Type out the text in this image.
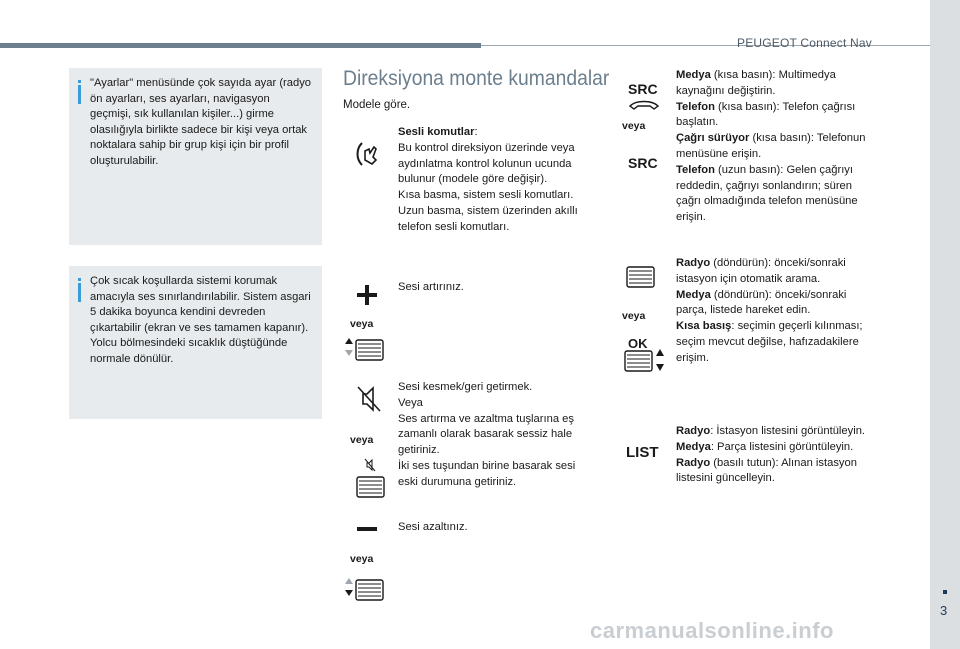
PEUGEOT Connect Nav
3
carmanualsonline.info
"Ayarlar" menüsünde çok sayıda ayar (radyo ön ayarları, ses ayarları, navigasyon geçmişi, sık kullanılan kişiler...) girme olasılığıyla birlikte sadece bir kişi veya ortak noktalara sahip bir grup kişi için bir profil oluşturulabilir.
Çok sıcak koşullarda sistemi korumak amacıyla ses sınırlandırılabilir. Sistem asgari 5 dakika boyunca kendini devreden çıkartabilir (ekran ve ses tamamen kapanır).
Yolcu bölmesindeki sıcaklık düştüğünde normale dönülür.
Direksiyona monte kumandalar
Modele göre.
veya
veya
veya
Sesli komutlar:
Bu kontrol direksiyon üzerinde veya aydınlatma kontrol kolunun ucunda bulunur (modele göre değişir).
Kısa basma, sistem sesli komutları.
Uzun basma, sistem üzerinden akıllı telefon sesli komutları.
Sesi artırınız.
Sesi kesmek/geri getirmek.
Veya
Ses artırma ve azaltma tuşlarına eş zamanlı olarak basarak sessiz hale getiriniz.
İki ses tuşundan birine basarak sesi eski durumuna getiriniz.
Sesi azaltınız.
SRC
veya
SRC
veya
OK
LIST
Medya (kısa basın): Multimedya kaynağını değiştirin.
Telefon (kısa basın): Telefon çağrısı başlatın.
Çağrı sürüyor (kısa basın): Telefonun menüsüne erişin.
Telefon (uzun basın): Gelen çağrıyı reddedin, çağrıyı sonlandırın; süren çağrı olmadığında telefon menüsüne erişin.
Radyo (döndürün): önceki/sonraki istasyon için otomatik arama.
Medya (döndürün): önceki/sonraki parça, listede hareket edin.
Kısa basış: seçimin geçerli kılınması; seçim mevcut değilse, hafızadakilere erişim.
Radyo: İstasyon listesini görüntüleyin.
Medya: Parça listesini görüntüleyin.
Radyo (basılı tutun): Alınan istasyon listesini güncelleyin.
